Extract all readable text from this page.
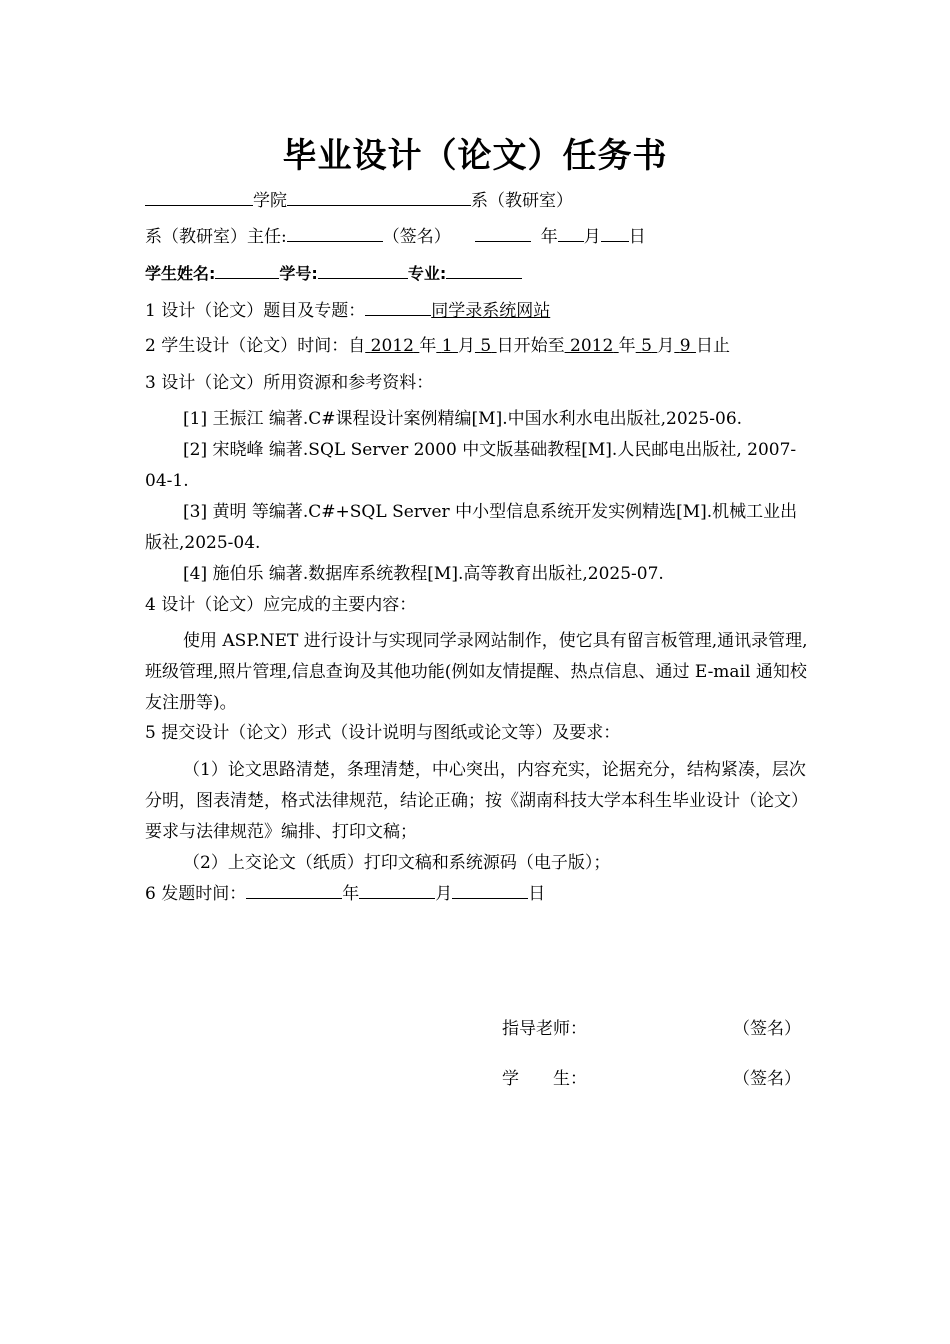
毕业设计（论文）任务书
学院	系（教研室）
系（教研室）主任:	（签名）	年 月 日
学生姓名:	学号:	专业:
1 设计（论文）题目及专题：	同学录系统网站
2 学生设计（论文）时间：自 2012 年 1 月 5 日开始至 2012 年 5 月 9 日止
3 设计（论文）所用资源和参考资料：
[1] 王振江 编著.C#课程设计案例精编[M].中国水利水电出版社,2025-06.
[2] 宋晓峰 编著.SQL Server 2000 中文版基础教程[M].人民邮电出版社, 2007-04-1.
[3] 黄明 等编著.C#+SQL Server 中小型信息系统开发实例精选[M].机械工业出版社,2025-04.
[4] 施伯乐 编著.数据库系统教程[M].高等教育出版社,2025-07.
4 设计（论文）应完成的主要内容：
使用 ASP.NET 进行设计与实现同学录网站制作，使它具有留言板管理,通讯录管理,班级管理,照片管理,信息查询及其他功能(例如友情提醒、热点信息、通过 E-mail 通知校友注册等)。
5 提交设计（论文）形式（设计说明与图纸或论文等）及要求：
（1）论文思路清楚，条理清楚，中心突出，内容充实，论据充分，结构紧凑，层次分明，图表清楚，格式法律规范，结论正确；按《湖南科技大学本科生毕业设计（论文）要求与法律规范》编排、打印文稿；
（2）上交论文（纸质）打印文稿和系统源码（电子版）；
6 发题时间：	年	月	日
指导老师：	（签名）
学　　生：	（签名）
